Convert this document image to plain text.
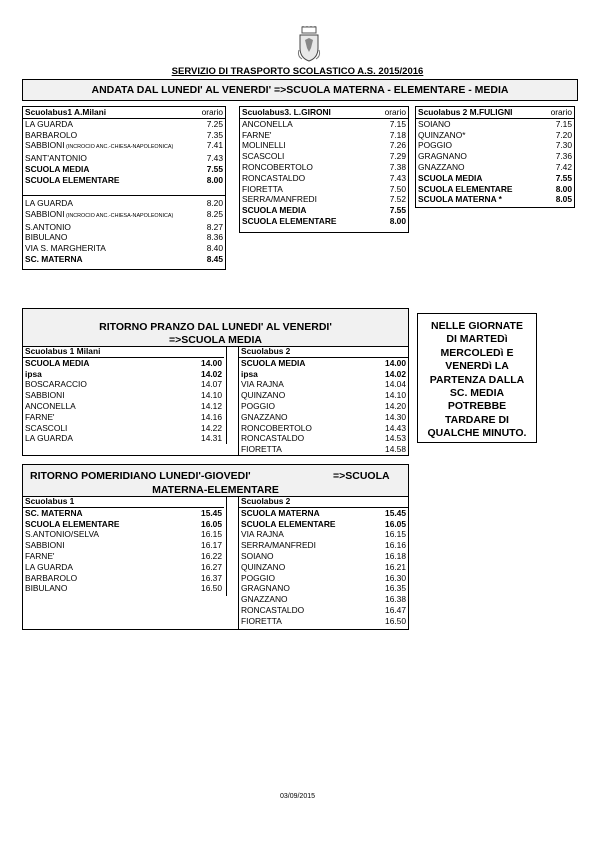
SERVIZIO DI TRASPORTO SCOLASTICO A.S. 2015/2016
ANDATA DAL LUNEDI' AL VENERDI' =>SCUOLA MATERNA - ELEMENTARE - MEDIA
Scuolabus1 A.Milani	orario
LA GUARDA	7.25
BARBAROLO	7.35
SABBIONI (INCROCIO ANC.-CHIESA-NAPOLEONICA)	7.41
SANT'ANTONIO	7.43
SCUOLA MEDIA	7.55
SCUOLA ELEMENTARE	8.00
LA GUARDA	8.20
SABBIONI (INCROCIO ANC.-CHIESA-NAPOLEONICA)	8.25
S.ANTONIO	8.27
BIBULANO	8.36
VIA S. MARGHERITA	8.40
SC. MATERNA	8.45
Scuolabus3. L.GIRONI	orario
ANCONELLA	7.15
FARNE'	7.18
MOLINELLI	7.26
SCASCOLI	7.29
RONCOBERTOLO	7.38
RONCASTALDO	7.43
FIORETTA	7.50
SERRA/MANFREDI	7.52
SCUOLA MEDIA	7.55
SCUOLA ELEMENTARE	8.00
Scuolabus 2 M.FULIGNI	orario
SOIANO	7.15
QUINZANO*	7.20
POGGIO	7.30
GRAGNANO	7.36
GNAZZANO	7.42
SCUOLA MEDIA	7.55
SCUOLA ELEMENTARE	8.00
SCUOLA MATERNA *	8.05
RITORNO PRANZO DAL LUNEDI' AL VENERDI'
=>SCUOLA MEDIA
Scuolabus 1 Milani	
SCUOLA MEDIA	14.00
ipsa	14.02
BOSCARACCIO	14.07
SABBIONI	14.10
ANCONELLA	14.12
FARNE'	14.16
SCASCOLI	14.22
LA GUARDA	14.31
Scuolabus 2	
SCUOLA MEDIA	14.00
ipsa	14.02
VIA RAJNA	14.04
QUINZANO	14.10
POGGIO	14.20
GNAZZANO	14.30
RONCOBERTOLO	14.43
RONCASTALDO	14.53
FIORETTA	14.58
NELLE GIORNATE
DI MARTEDì
MERCOLEDì E
VENERDì LA
PARTENZA DALLA
SC. MEDIA
POTREBBE
TARDARE DI
QUALCHE MINUTO.
RITORNO POMERIDIANO LUNEDI'-GIOVEDI'	=>SCUOLA
MATERNA-ELEMENTARE
Scuolabus 1	
SC. MATERNA	15.45
SCUOLA ELEMENTARE	16.05
S.ANTONIO/SELVA	16.15
SABBIONI	16.17
FARNE'	16.22
LA GUARDA	16.27
BARBAROLO	16.37
BIBULANO	16.50
Scuolabus 2	
SCUOLA MATERNA	15.45
SCUOLA ELEMENTARE	16.05
VIA RAJNA	16.15
SERRA/MANFREDI	16.16
SOIANO	16.18
QUINZANO	16.21
POGGIO	16.30
GRAGNANO	16.35
GNAZZANO	16.38
RONCASTALDO	16.47
FIORETTA	16.50
03/09/2015
